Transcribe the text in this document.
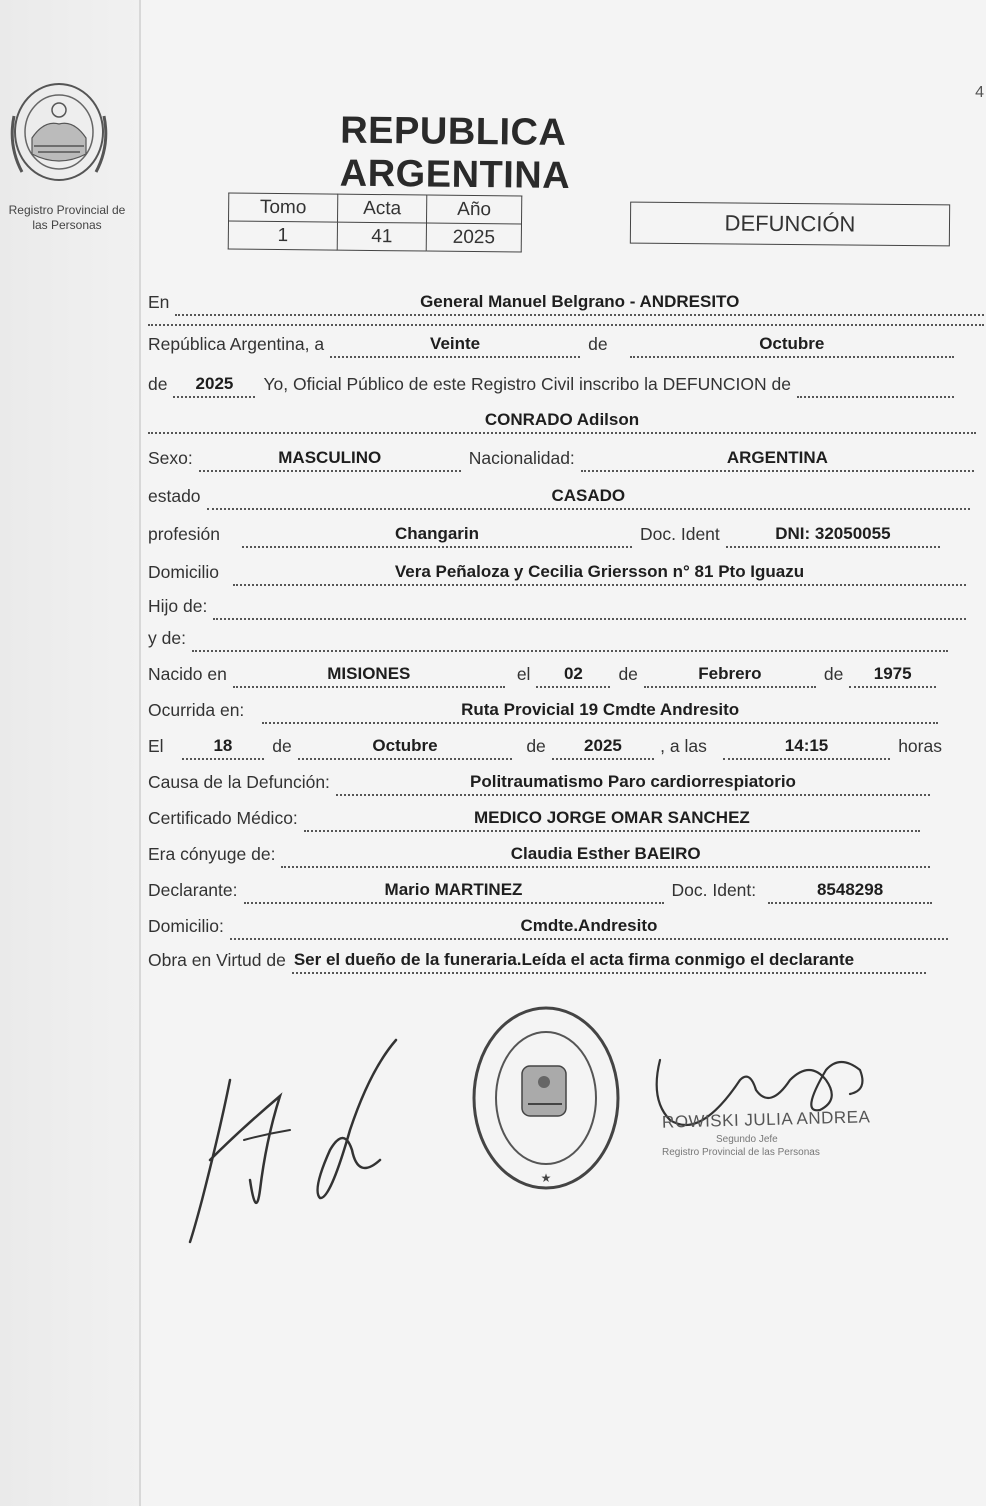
4
Registro Provincial de
las Personas
REPUBLICA ARGENTINA
Tomo	Acta	Año
1	41	2025
DEFUNCIÓN
En	General Manuel Belgrano - ANDRESITO
República Argentina, a	Veinte	de	Octubre
de	2025	Yo, Oficial Público de este Registro Civil inscribo la DEFUNCION de
CONRADO Adilson
Sexo:	MASCULINO	Nacionalidad:	ARGENTINA
estado	CASADO
profesión	Changarin	Doc. Ident	DNI: 32050055
Domicilio	Vera Peñaloza y Cecilia Griersson n° 81 Pto Iguazu
Hijo de:
y de:
Nacido en	MISIONES	el	02	de	Febrero	de	1975
Ocurrida en:	Ruta Provicial 19 Cmdte Andresito
El	18	de	Octubre	de	2025	, a las	14:15	horas
Causa de la Defunción:	Politraumatismo Paro cardiorrespiatorio
Certificado Médico:	MEDICO JORGE OMAR SANCHEZ
Era cónyuge de:	Claudia Esther BAEIRO
Declarante:	Mario MARTINEZ	Doc. Ident:	8548298
Domicilio:	Cmdte.Andresito
Obra en Virtud de Ser el dueño de la funeraria.Leída el acta firma conmigo el declarante
★
ROWISKI JULIA ANDREA
Segundo Jefe
Registro Provincial de las Personas
